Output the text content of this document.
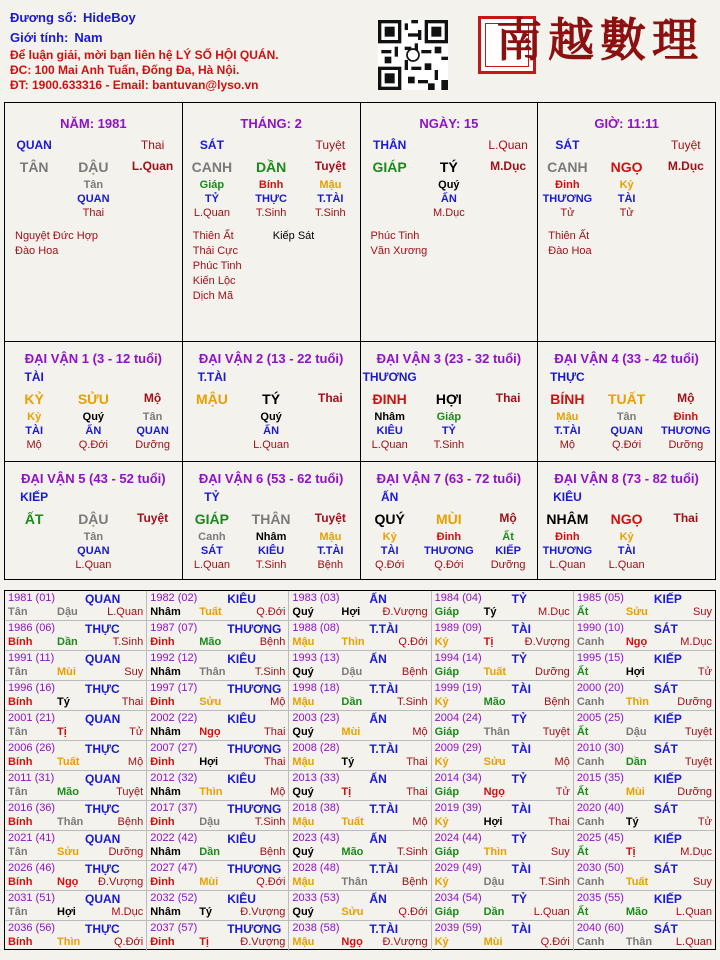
Đương số: HideBoy
Giới tính: Nam
Để luận giải, mời bạn liên hệ LÝ SỐ HỘI QUÁN.
ĐC: 100 Mai Anh Tuấn, Đống Đa, Hà Nội.
ĐT: 1900.633316 - Email: bantuvan@lyso.vn
南越數理
NĂM: 1981
QUAN	Thai
TÂN	DẬU	L.Quan
Tân
QUAN
Thai
Nguyệt Đức Hợp
Đào Hoa
THÁNG: 2
SÁT	Tuyệt
CANH	DẦN	Tuyệt
Giáp	Bính	Mậu
TỶ	THỰC	T.TÀI
L.Quan	T.Sinh	T.Sinh
Thiên Ất
Thái Cực
Phúc Tinh
Kiến Lộc
Dịch Mã
Kiếp Sát
NGÀY: 15
THÂN	L.Quan
GIÁP	TÝ	M.Dục
Quý
ẤN
M.Dục
Phúc Tinh
Văn Xương
GIỜ: 11:11
SÁT	Tuyệt
CANH	NGỌ	M.Dục
Đinh	Kỷ
THƯƠNG	TÀI
Tử	Tử
Thiên Ất
Đào Hoa
ĐẠI VẬN 1 (3 - 12 tuổi)
TÀI
KỶ	SỬU	Mộ
Kỷ	Quý	Tân
TÀI	ẤN	QUAN
Mộ	Q.Đới	Dưỡng
ĐẠI VẬN 2 (13 - 22 tuổi)
T.TÀI
MẬU	TÝ	Thai
Quý
ẤN
L.Quan
ĐẠI VẬN 3 (23 - 32 tuổi)
THƯƠNG
ĐINH	HỢI	Thai
Nhâm	Giáp
KIÊU	TỶ
L.Quan	T.Sinh
ĐẠI VẬN 4 (33 - 42 tuổi)
THỰC
BÍNH	TUẤT	Mộ
Mậu	Tân	Đinh
T.TÀI	QUAN	THƯƠNG
Mộ	Q.Đới	Dưỡng
ĐẠI VẬN 5 (43 - 52 tuổi)
KIẾP
ẤT	DẬU	Tuyệt
Tân
QUAN
L.Quan
ĐẠI VẬN 6 (53 - 62 tuổi)
TỶ
GIÁP	THÂN	Tuyệt
Canh	Nhâm	Mậu
SÁT	KIÊU	T.TÀI
L.Quan	T.Sinh	Bệnh
ĐẠI VẬN 7 (63 - 72 tuổi)
ẤN
QUÝ	MÙI	Mộ
Kỷ	Đinh	Ất
TÀI	THƯƠNG	KIẾP
Q.Đới	Q.Đới	Dưỡng
ĐẠI VẬN 8 (73 - 82 tuổi)
KIÊU
NHÂM	NGỌ	Thai
Đinh	Kỷ
THƯƠNG	TÀI
L.Quan	L.Quan
1981 (01) QUAN
Tân	Dậu	L.Quan
1982 (02) KIÊU
Nhâm Tuất	Q.Đới
1983 (03) ẤN
Quý	Hợi Đ.Vượng
1984 (04) TỶ
Giáp Tý	M.Dục
1985 (05) KIẾP
Ất	Sửu	Suy
1986 (06) THỰC
Bính Dần	T.Sinh
1987 (07) THƯƠNG
Đinh Mão	Bệnh
1988 (08) T.TÀI
Mậu Thìn	Q.Đới
1989 (09) TÀI
Kỷ	Tị	Đ.Vượng
1990 (10) SÁT
Canh Ngọ	M.Dục
1991 (11)	QUAN
Tân	Mùi	Suy
1992 (12) KIÊU
Nhâm Thân	T.Sinh
1993 (13) ẤN
Quý	Dậu	Bệnh
1994 (14) TỶ
Giáp Tuất	Dưỡng
1995 (15) KIẾP
Ất	Hợi	Tử
1996 (16) THỰC
Bính Tý	Thai
1997 (17) THƯƠNG
Đinh Sửu	Mộ
1998 (18) T.TÀI
Mậu Dần	T.Sinh
1999 (19) TÀI
Kỷ	Mão	Bệnh
2000 (20) SÁT
Canh Thìn	Dưỡng
2001 (21) QUAN
Tân	Tị	Tử
2002 (22) KIÊU
Nhâm Ngọ	Thai
2003 (23) ẤN
Quý	Mùi	Mộ
2004 (24) TỶ
Giáp Thân	Tuyệt
2005 (25) KIẾP
Ất	Dậu	Tuyệt
2006 (26) THỰC
Bính Tuất	Mộ
2007 (27) THƯƠNG
Đinh Hợi	Thai
2008 (28) T.TÀI
Mậu Tý	Thai
2009 (29) TÀI
Kỷ	Sửu	Mộ
2010 (30) SÁT
Canh Dần	Tuyệt
2011 (31)	QUAN
Tân	Mão	Tuyệt
2012 (32) KIÊU
Nhâm Thìn	Mộ
2013 (33) ẤN
Quý	Tị	Thai
2014 (34) TỶ
Giáp Ngọ	Tử
2015 (35) KIẾP
Ất	Mùi	Dưỡng
2016 (36) THỰC
Bính Thân	Bệnh
2017 (37) THƯƠNG
Đinh Dậu	T.Sinh
2018 (38) T.TÀI
Mậu Tuất	Mộ
2019 (39) TÀI
Kỷ	Hợi	Thai
2020 (40) SÁT
Canh Tý	Tử
2021 (41) QUAN
Tân	Sửu	Dưỡng
2022 (42) KIÊU
Nhâm Dần	Bệnh
2023 (43) ẤN
Quý	Mão	T.Sinh
2024 (44) TỶ
Giáp Thìn	Suy
2025 (45) KIẾP
Ất	Tị	M.Dục
2026 (46) THỰC
Bính Ngọ Đ.Vượng
2027 (47) THƯƠNG
Đinh Mùi	Q.Đới
2028 (48) T.TÀI
Mậu Thân	Bệnh
2029 (49) TÀI
Kỷ	Dậu	T.Sinh
2030 (50) SÁT
Canh Tuất	Suy
2031 (51) QUAN
Tân	Hợi	M.Dục
2032 (52) KIÊU
Nhâm Tý	Đ.Vượng
2033 (53) ẤN
Quý	Sửu	Q.Đới
2034 (54) TỶ
Giáp Dần	L.Quan
2035 (55) KIẾP
Ất	Mão	L.Quan
2036 (56) THỰC
Bính Thìn	Q.Đới
2037 (57) THƯƠNG
Đinh Tị	Đ.Vượng
2038 (58) T.TÀI
Mậu Ngọ Đ.Vượng
2039 (59) TÀI
Kỷ	Mùi	Q.Đới
2040 (60) SÁT
Canh Thân L.Quan
